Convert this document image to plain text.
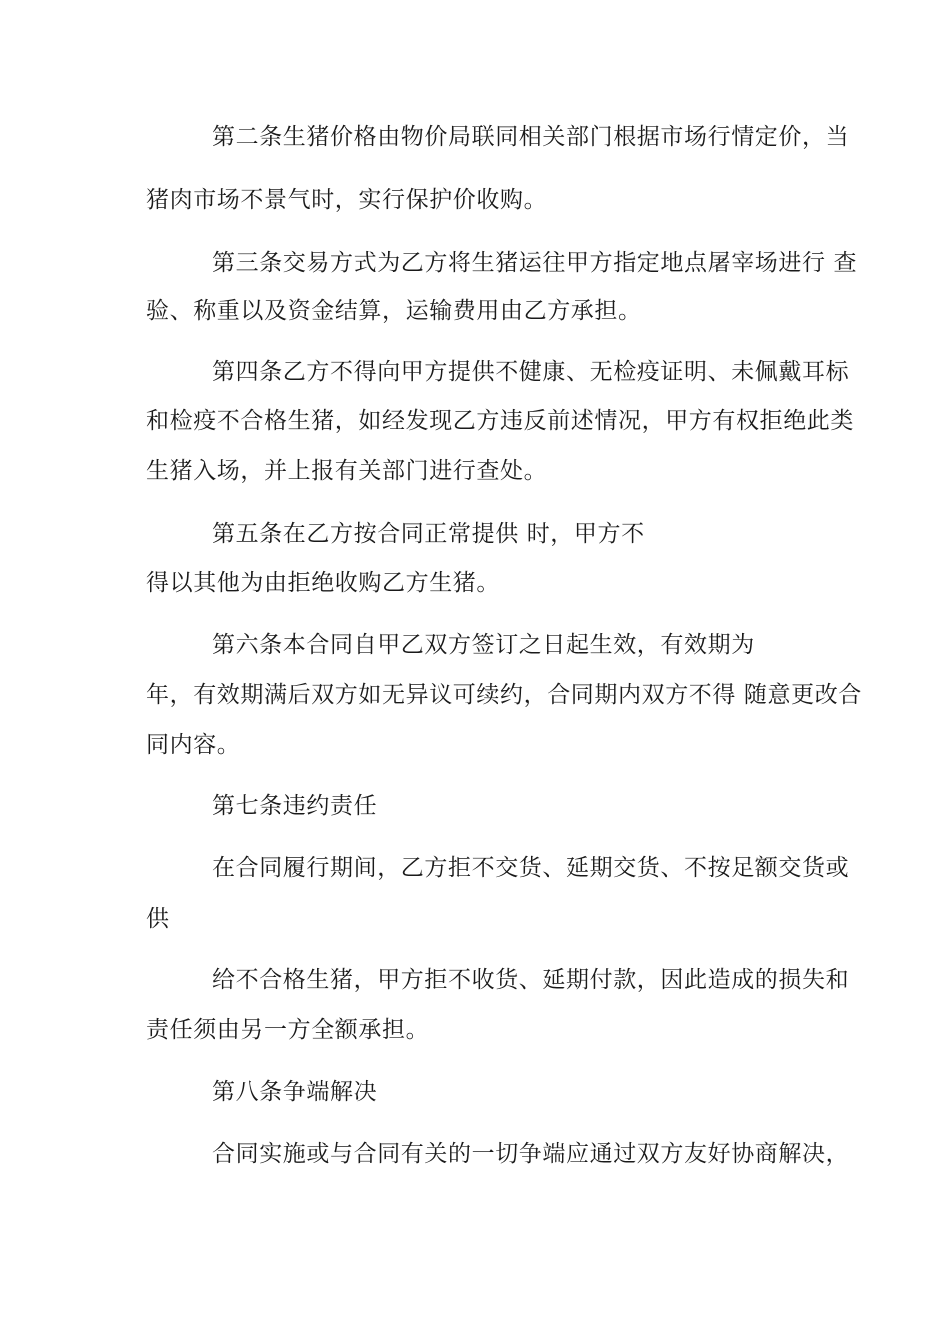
第二条生猪价格由物价局联同相关部门根据市场行情定价，当
猪肉市场不景气时，实行保护价收购。
第三条交易方式为乙方将生猪运往甲方指定地点屠宰场进行 查
验、称重以及资金结算，运输费用由乙方承担。
第四条乙方不得向甲方提供不健康、无检疫证明、未佩戴耳标
和检疫不合格生猪，如经发现乙方违反前述情况，甲方有权拒绝此类
生猪入场，并上报有关部门进行查处。
第五条在乙方按合同正常提供 时，甲方不
得以其他为由拒绝收购乙方生猪。
第六条本合同自甲乙双方签订之日起生效，有效期为
年，有效期满后双方如无异议可续约，合同期内双方不得 随意更改合
同内容。
第七条违约责任
在合同履行期间，乙方拒不交货、延期交货、不按足额交货或
供
给不合格生猪，甲方拒不收货、延期付款，因此造成的损失和
责任须由另一方全额承担。
第八条争端解决
合同实施或与合同有关的一切争端应通过双方友好协商解决，
